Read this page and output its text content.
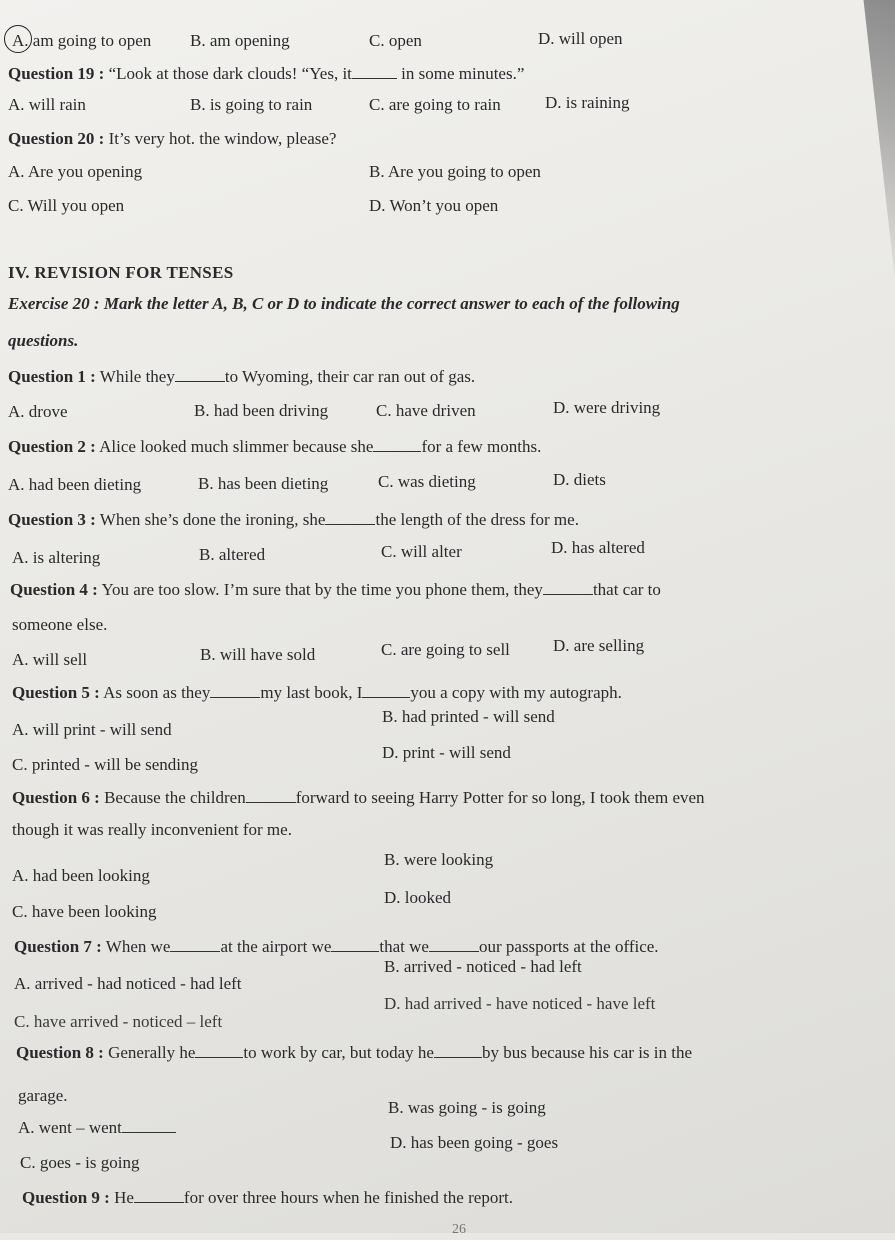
A. am going to open B. am opening	C. open	D. will open
Question 19 : “Look at those dark clouds! “Yes, it	in some minutes.”
A. will rain	B. is going to rain	C. are going to rain	D. is raining
Question 20 : It’s very hot. the window, please?
A. Are you opening	B. Are you going to open
C. Will you open	D. Won’t you open
IV. REVISION FOR TENSES
Exercise 20 : Mark the letter A, B, C or D to indicate the correct answer to each of the following
questions.
Question 1 : While they	to Wyoming, their car ran out of gas.
A. drove	B. had been driving	C. have driven	D. were driving
Question 2 : Alice looked much slimmer because she	for a few months.
A. had been dieting	B. has been dieting	C. was dieting	D. diets
Question 3 : When she’s done the ironing, she	the length of the dress for me.
A. is altering	B. altered	C. will alter	D. has altered
Question 4 : You are too slow. I’m sure that by the time you phone them, they	that car to
someone else.
A. will sell	B. will have sold	C. are going to sell	D. are selling
Question 5 : As soon as they	my last book, I	you a copy with my autograph.
A. will print - will send
B. had printed - will send
C. printed - will be sending
D. print - will send
Question 6 : Because the children	forward to seeing Harry Potter for so long, I took them even
though it was really inconvenient for me.
A. had been looking
B. were looking
C. have been looking
D. looked
Question 7 : When we	at the airport we	that we	our passports at the office.
A. arrived - had noticed - had left
B. arrived - noticed - had left
C. have arrived - noticed – left
D. had arrived - have noticed - have left
Question 8 : Generally he	to work by car, but today he	by bus because his car is in the
garage.
A. went – went
B. was going - is going
C. goes - is going
D. has been going - goes
Question 9 : He	for over three hours when he finished the report.
26
